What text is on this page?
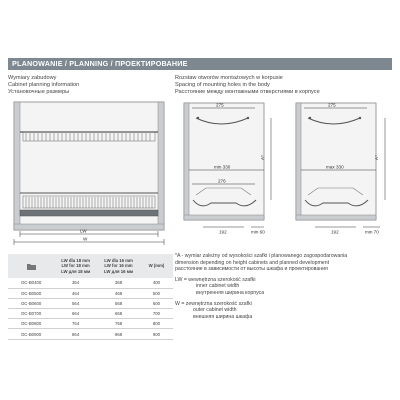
PLANOWANIE / PLANNING / ПРОЕКТИРОВАНИЕ
Wymiary zabudowy
Cabinet planning information
Установочные размеры
Rozstaw otworów montażowych w korpusie
Spacing of mounting holes in the body
Расстояние между монтажными отверстиями в корпусе
LW
W
275
min 330
276
192	min 60
A*
275
max 330
192	min 70
A*
	LW dla 18 mm
LW for 18 mm
LW для 18 мм	LW dla 16 mm
LW for 16 mm
LW для 16 мм	W (mm)
OC-B0400	364	368	400
OC-B0500	464	468	500
OC-B0600	564	568	600
OC-B0700	664	668	700
OC-B0800	764	768	800
OC-B0900	864	868	900
*A - wymiar zależny od wysokości szafki i planowanego zagospodarowania
dimension depending on height cabinets and planned development
расстояние в зависимости от высоты шкафа и проектирования
LW = wewnętrzna szerokość szafki
inner cabinet width
внутренняя ширина корпуса
W = zewnętrzna szerokość szafki
outer cabinet width
внешняя ширина шкафа
